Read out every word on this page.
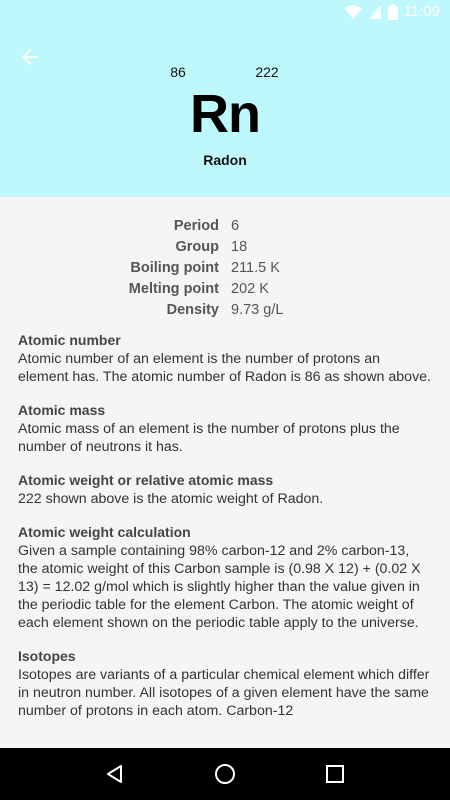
11:09
86	222
Rn
Radon
Period 6
Group 18
Boiling point 211.5 K
Melting point 202 K
Density 9.73 g/L
Atomic number
Atomic number of an element is the number of protons an element has. The atomic number of Radon is 86 as shown above.
Atomic mass
Atomic mass of an element is the number of protons plus the number of neutrons it has.
Atomic weight or relative atomic mass
222 shown above is the atomic weight of Radon.
Atomic weight calculation
Given a sample containing 98% carbon-12 and 2% carbon-13, the atomic weight of this Carbon sample is (0.98 X 12) + (0.02 X 13) = 12.02 g/mol which is slightly higher than the value given in the periodic table for the element Carbon. The atomic weight of each element shown on the periodic table apply to the universe.
Isotopes
Isotopes are variants of a particular chemical element which differ in neutron number. All isotopes of a given element have the same number of protons in each atom. Carbon-12
